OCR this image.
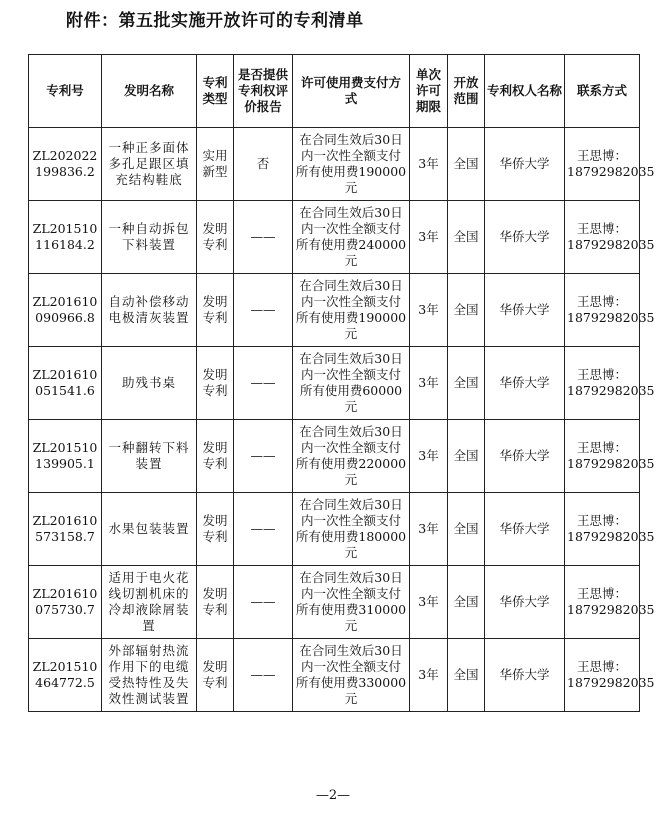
附件：第五批实施开放许可的专利清单
专利号	发明名称	专利类型	是否提供专利权评价报告	许可使用费支付方式	单次许可期限	开放范围	专利权人名称	联系方式
ZL202022 199836.2	一种正多面体多孔足跟区填充结构鞋底	实用新型	否	在合同生效后30日内一次性全额支付所有使用费190000元	3年	全国	华侨大学	王思博：18792982035
ZL201510 116184.2	一种自动拆包下料装置	发明专利	——	在合同生效后30日内一次性全额支付所有使用费240000元	3年	全国	华侨大学	王思博：18792982035
ZL201610 090966.8	自动补偿移动电极清灰装置	发明专利	——	在合同生效后30日内一次性全额支付所有使用费190000元	3年	全国	华侨大学	王思博：18792982035
ZL201610 051541.6	助残书桌	发明专利	——	在合同生效后30日内一次性全额支付所有使用费60000元	3年	全国	华侨大学	王思博：18792982035
ZL201510 139905.1	一种翻转下料装置	发明专利	——	在合同生效后30日内一次性全额支付所有使用费220000元	3年	全国	华侨大学	王思博：18792982035
ZL201610 573158.7	水果包装装置	发明专利	——	在合同生效后30日内一次性全额支付所有使用费180000元	3年	全国	华侨大学	王思博：18792982035
ZL201610 075730.7	适用于电火花线切割机床的冷却液除屑装置	发明专利	——	在合同生效后30日内一次性全额支付所有使用费310000元	3年	全国	华侨大学	王思博：18792982035
ZL201510 464772.5	外部辐射热流作用下的电缆受热特性及失效性测试装置	发明专利	——	在合同生效后30日内一次性全额支付所有使用费330000元	3年	全国	华侨大学	王思博：18792982035
—2—
